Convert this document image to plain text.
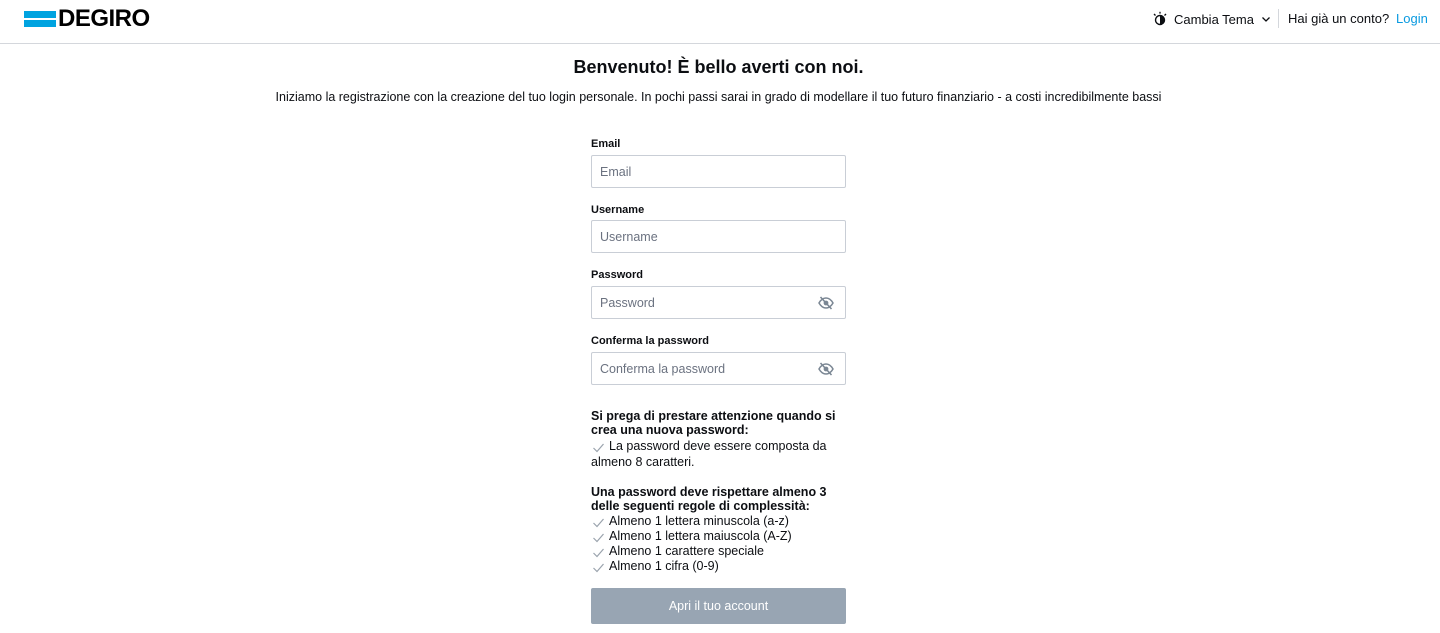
DEGIRO	Cambia Tema	Hai già un conto? Login
Benvenuto! È bello averti con noi.

Iniziamo la registrazione con la creazione del tuo login personale. In pochi passi sarai in grado di modellare il tuo futuro finanziario - a costi incredibilmente bassi

Email
Email
Username
Username
Password
Conferma la password
Si prega di prestare attenzione quando si crea una nuova password:
La password deve essere composta da
almeno 8 caratteri.
Una password deve rispettare almeno 3 delle seguenti regole di complessità:
Almeno 1 lettera minuscola (a-z)
Almeno 1 lettera maiuscola (A-Z)
Almeno 1 carattere speciale
Almeno 1 cifra (0-9)
Apri il tuo account
